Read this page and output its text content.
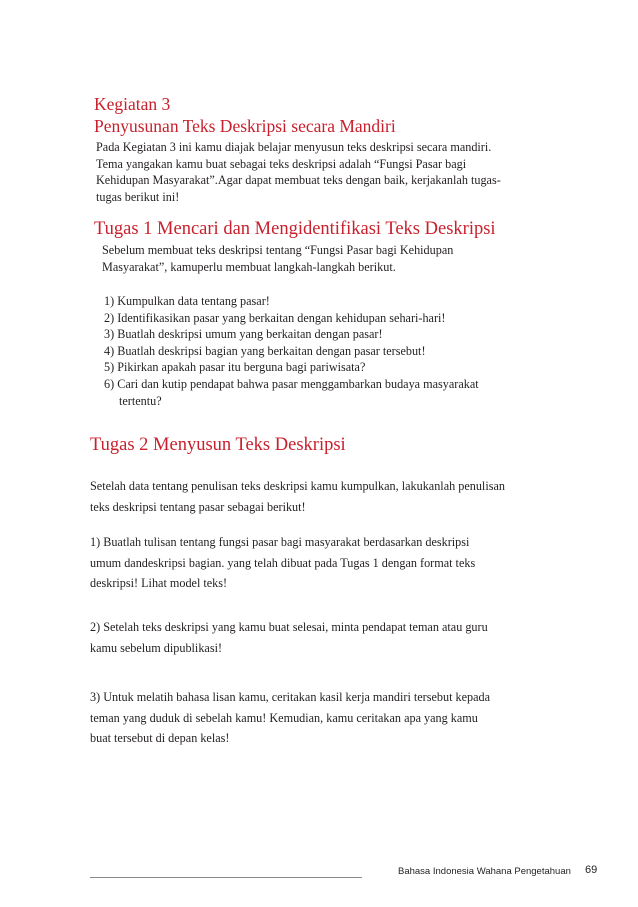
Kegiatan 3
Penyusunan Teks Deskripsi secara Mandiri
Pada Kegiatan 3 ini kamu diajak belajar menyusun teks deskripsi secara mandiri.
Tema yangakan kamu buat sebagai teks deskripsi adalah “Fungsi Pasar bagi
Kehidupan Masyarakat”.Agar dapat membuat teks dengan baik, kerjakanlah tugas-
tugas berikut ini!
Tugas 1 Mencari dan Mengidentifikasi Teks Deskripsi
Sebelum membuat teks deskripsi tentang “Fungsi Pasar bagi Kehidupan
Masyarakat”, kamuperlu membuat langkah-langkah berikut.
1) Kumpulkan data tentang pasar!
2) Identifikasikan pasar yang berkaitan dengan kehidupan sehari-hari!
3) Buatlah deskripsi umum yang berkaitan dengan pasar!
4) Buatlah deskripsi bagian yang berkaitan dengan pasar tersebut!
5) Pikirkan apakah pasar itu berguna bagi pariwisata?
6) Cari dan kutip pendapat bahwa pasar menggambarkan budaya masyarakat
tertentu?
Tugas 2 Menyusun Teks Deskripsi
Setelah data tentang penulisan teks deskripsi kamu kumpulkan, lakukanlah penulisan
teks deskripsi tentang pasar sebagai berikut!
1) Buatlah tulisan tentang fungsi pasar bagi masyarakat berdasarkan deskripsi
umum dandeskripsi bagian. yang telah dibuat pada Tugas 1 dengan format teks
deskripsi! Lihat model teks!
2) Setelah teks deskripsi yang kamu buat selesai, minta pendapat teman atau guru
kamu sebelum dipublikasi!
3) Untuk melatih bahasa lisan kamu, ceritakan kasil kerja mandiri tersebut kepada
teman yang duduk di sebelah kamu! Kemudian, kamu ceritakan apa yang kamu
buat tersebut di depan kelas!
Bahasa Indonesia Wahana Pengetahuan 69
